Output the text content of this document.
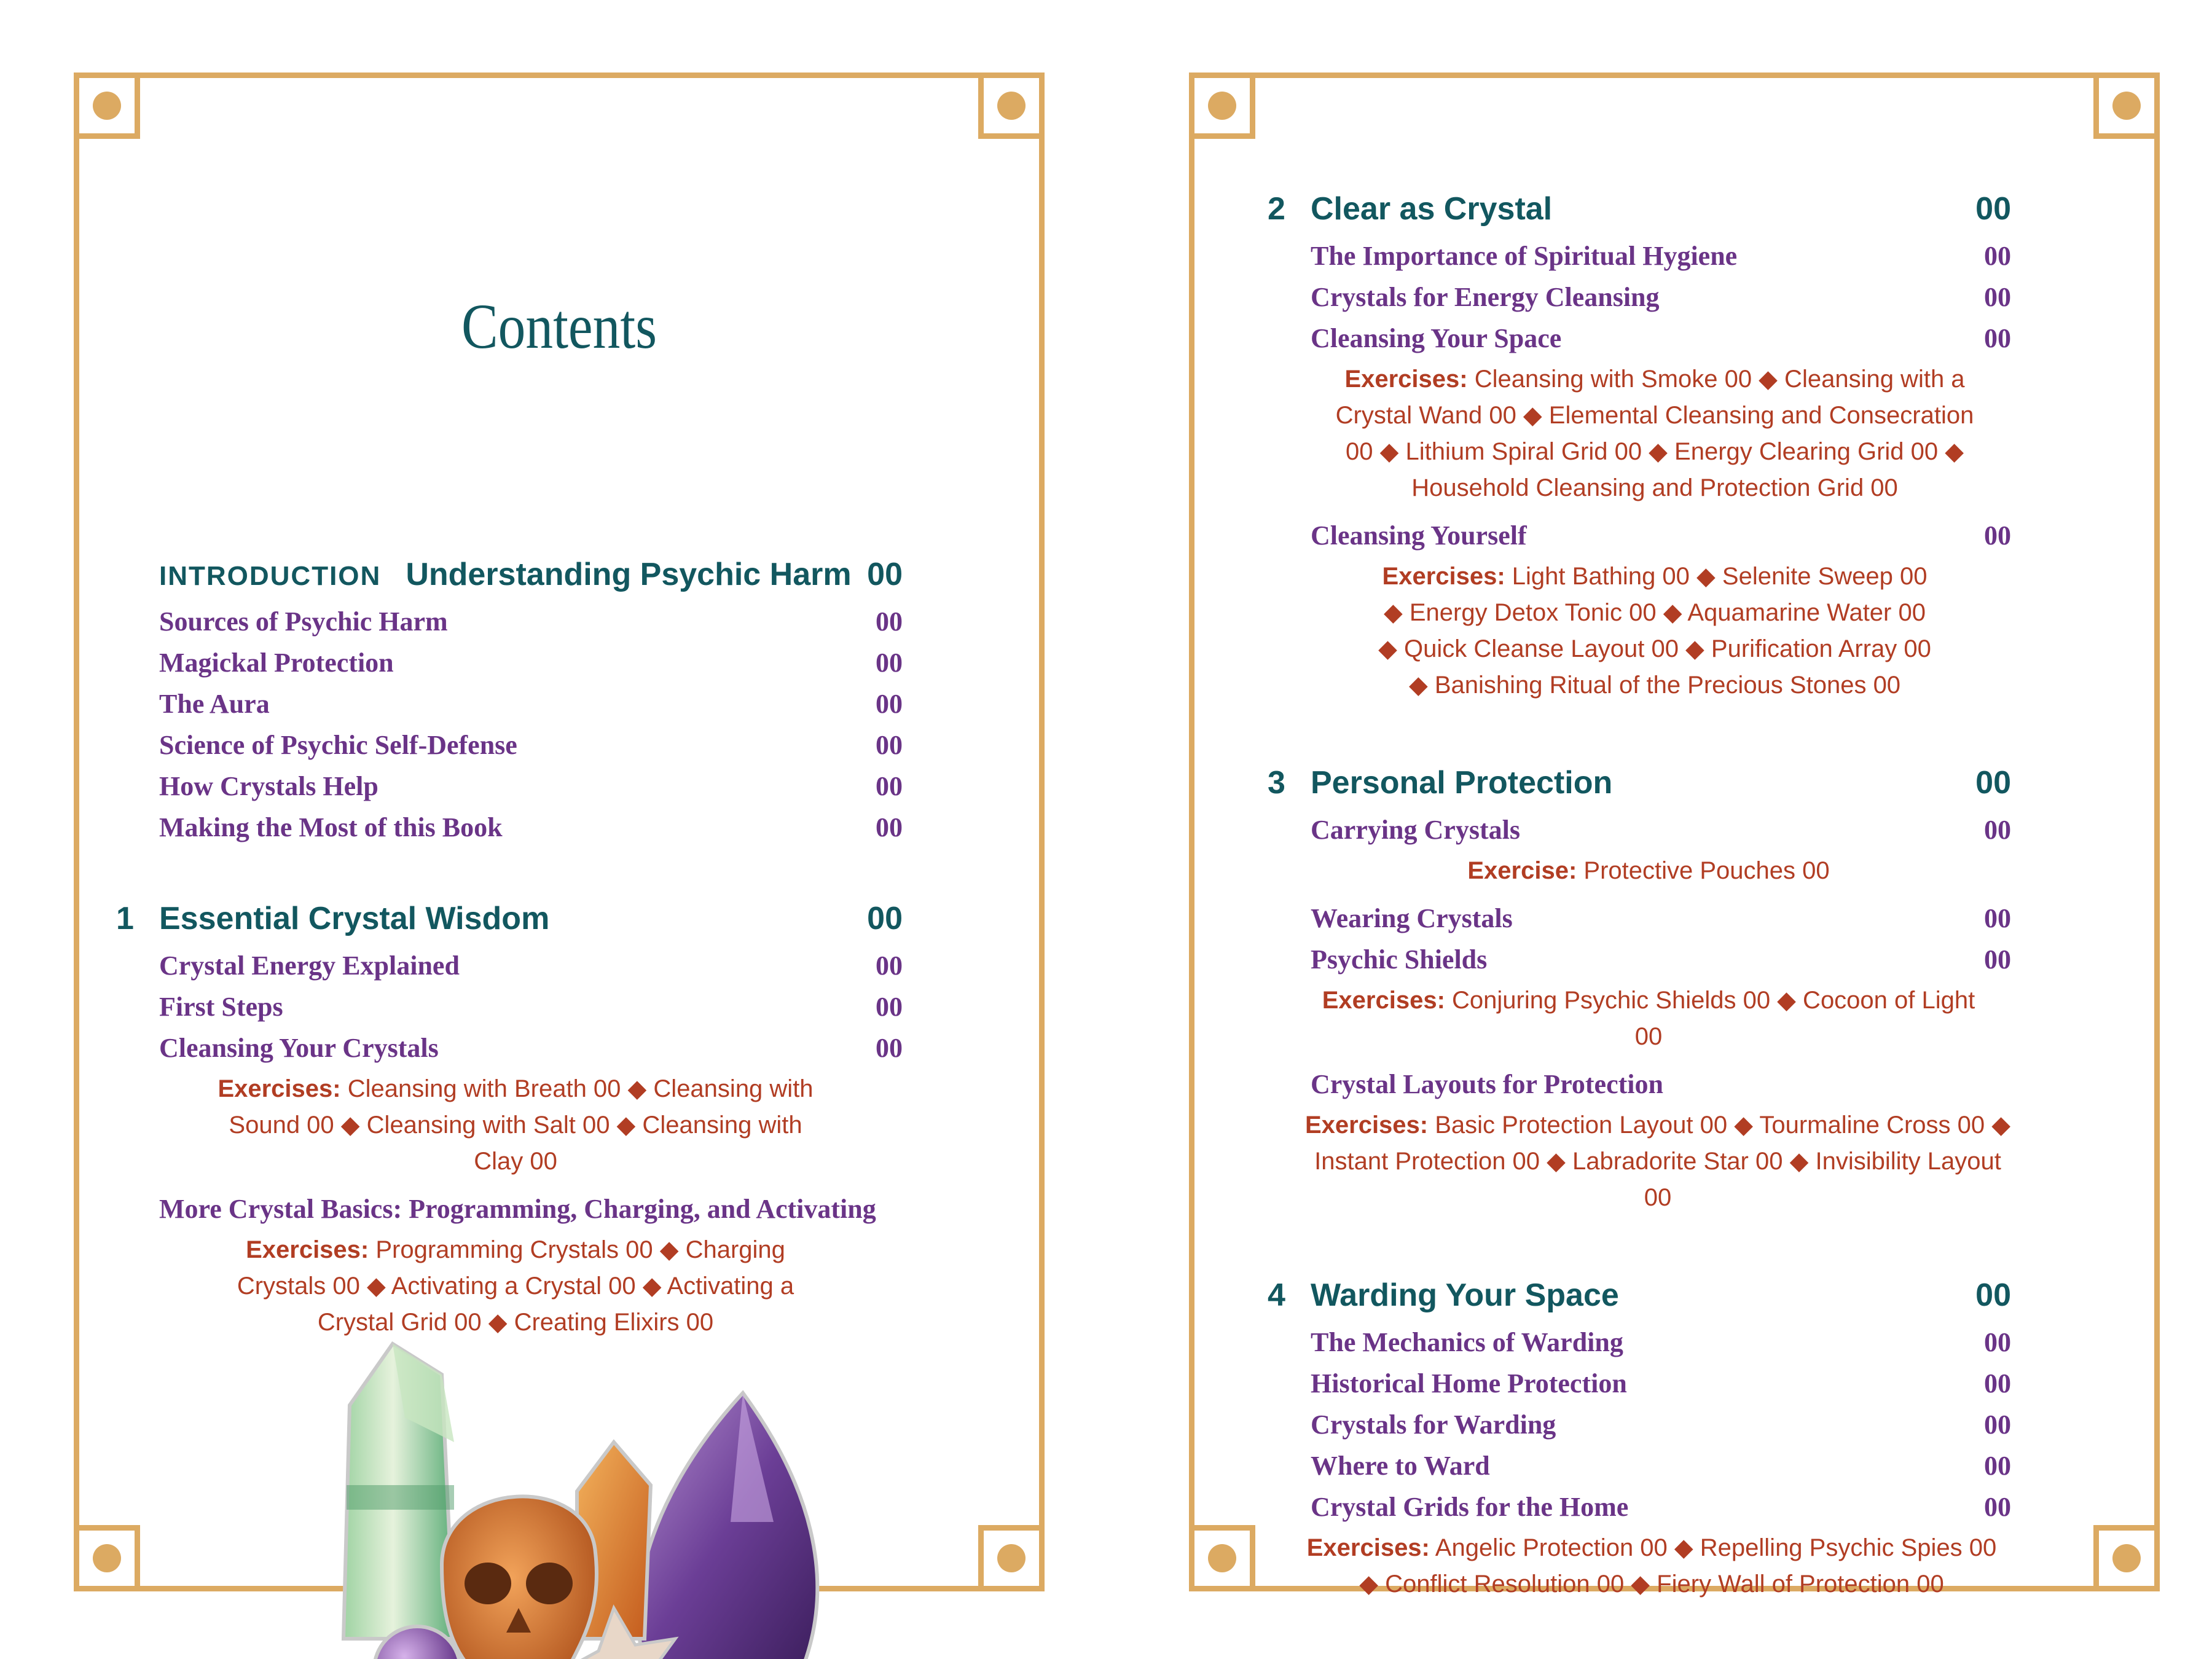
Contents
INTRODUCTION Understanding Psychic Harm 00
Sources of Psychic Harm	00
Magickal Protection	00
The Aura	00
Science of Psychic Self-Defense	00
How Crystals Help	00
Making the Most of this Book	00
1 Essential Crystal Wisdom	00
Crystal Energy Explained	00
First Steps	00
Cleansing Your Crystals	00
Exercises: Cleansing with Breath 00 ◆ Cleansing with Sound 00 ◆ Cleansing with Salt 00 ◆ Cleansing with Clay 00
More Crystal Basics: Programming, Charging, and Activating
Exercises: Programming Crystals 00 ◆ Charging Crystals 00 ◆ Activating a Crystal 00 ◆ Activating a Crystal Grid 00 ◆ Creating Elixirs 00
2 Clear as Crystal	00
The Importance of Spiritual Hygiene	00
Crystals for Energy Cleansing	00
Cleansing Your Space	00
Exercises: Cleansing with Smoke 00 ◆ Cleansing with a Crystal Wand 00 ◆ Elemental Cleansing and Consecration 00 ◆ Lithium Spiral Grid 00 ◆ Energy Clearing Grid 00 ◆ Household Cleansing and Protection Grid 00
Cleansing Yourself	00
Exercises: Light Bathing 00 ◆ Selenite Sweep 00 ◆ Energy Detox Tonic 00 ◆ Aquamarine Water 00 ◆ Quick Cleanse Layout 00 ◆ Purification Array 00 ◆ Banishing Ritual of the Precious Stones 00
3 Personal Protection	00
Carrying Crystals	00
Exercise: Protective Pouches 00
Wearing Crystals	00
Psychic Shields	00
Exercises: Conjuring Psychic Shields 00 ◆ Cocoon of Light 00
Crystal Layouts for Protection
Exercises: Basic Protection Layout 00 ◆ Tourmaline Cross 00 ◆ Instant Protection 00 ◆ Labradorite Star 00 ◆ Invisibility Layout 00
4 Warding Your Space	00
The Mechanics of Warding	00
Historical Home Protection	00
Crystals for Warding	00
Where to Ward	00
Crystal Grids for the Home	00
Exercises: Angelic Protection 00 ◆ Repelling Psychic Spies 00 ◆ Conflict Resolution 00 ◆ Fiery Wall of Protection 00
